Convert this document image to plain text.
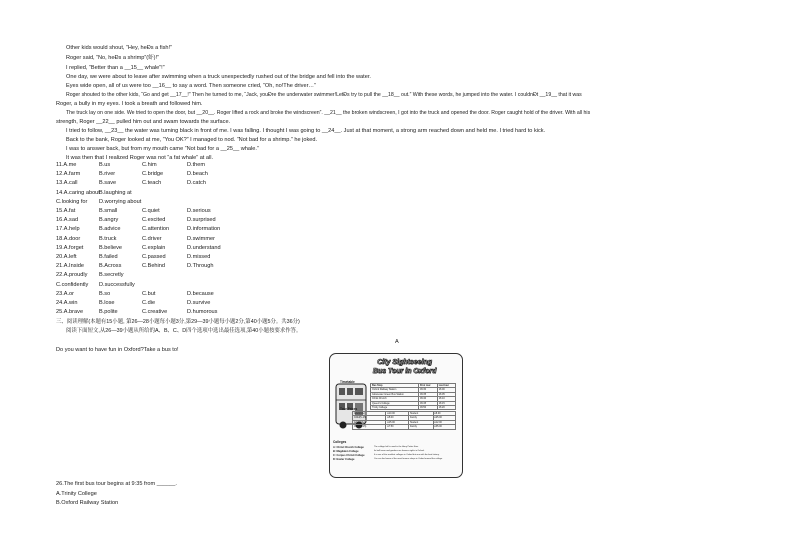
Other kids would shout, “Hey, heÐs a fish!”
Roger said, “No, heÐs a shrimp”(虾)!”
I replied, “Better than a __15__ whale”!”
One day, we were about to leave after swimming when a truck unexpectedly rushed out of the bridge and fell into the water.
Eyes wide open, all of us were too __16__ to say a word. Then someone cried, “Oh, no!The driver…”
Roger shouted to the other kids, “Go and get __17__!” Then he turned to me, “Jack, youĐre the underwater swimmer!LetĐs try to pull the __18__ out.” With these words, he jumped into the water. I couldnĐt __19__ that it was
Roger, a bully in my eyes. I took a breath and followed him.
The truck lay on one side. We tried to open the door, but __20__. Roger lifted a rock and broke the windscreen”. __21__ the broken windscreen, I got into the truck and opened the door. Roger caught hold of the driver. With all his
strength, Roger __22__ pulled him out and swam towards the surface.
I tried to follow, __23__ the water was turning black in front of me. I was falling. I thought I was going to __24__. Just at that moment, a strong arm reached down and held me. I tried hard to kick.
Back to the bank, Roger looked at me, “You OK?” I managed to nod. “Not bad for a shrimp.” he joked.
I was to answer back, but from my mouth came “Not bad for a __25__ whale.”
It was then that I realized Roger was not “a fat whale” at all.
11.A.me	B.us	C.him	D.them
12.A.farm	B.river	C.bridge	D.beach
13.A.call	B.save	C.teach	D.catch
14.A.caring about B.laughing at
C.looking for D.worrying about
15.A.fat	B.small	C.quiet	D.serious
16.A.sad	B.angry	C.excited	D.surprised
17.A.help	B.advice	C.attention	D.information
18.A.door	B.truck	C.driver	D.swimmer
19.A.forget	B.believe	C.explain	D.understand
20.A.left	B.failed	C.passed	D.missed
21.A.Inside	B.Across	C.Behind	D.Through
22.A.proudly B.secretly
C.confidently D.successfully
23.A.or	B.so	C.but	D.because
24.A.win	B.lose	C.die	D.survive
25.A.brave	B.polite	C.creative	D.humorous
三、阅读理解(本题有15小题, 第26—28小题每小题3分,第29—39小题每小题2分,第40小题5分。共36分)
阅读下面短文,从26—39小题从所给的A、B、C、D四个选项中选出最佳选项,第40小题按要求作答。
A
Do you want to have fun in Oxford?Take a bus to!
City Sightseeing
Bus Tour in Oxford
Timetable
Bus Stop	First tour	Last tour
Oxford Railway Station	09:30	16:00
Gloucester Green Bus Station	09:35	16:05
Christ Church	09:40	16:10
Queen's College	09:45	16:15
Trinity College	09:50	16:20
Tour Prices
Adult(16+)	£10.00	Student	£8.00
Child(5–15)	£5.00	Family	£25.00
Adult(16+)	£15.00	Student	£12.00
Child(5–15)	£7.50	Family	£35.00
Colleges
A: Christ Church College	The college hall is used in the Harry Potter films.
B: Magdalen College	Its bell tower and gardens are famous sights in Oxford.
C: Corpus Christi College	It is one of the smallest colleges in Oxford but one with the best history.
D: Exeter College	You can find some of the most famous shops in Oxford around the college.
26.The first bus tour begins at 9:35 from ______.
A.Trinity College
B.Oxford Railway Station
